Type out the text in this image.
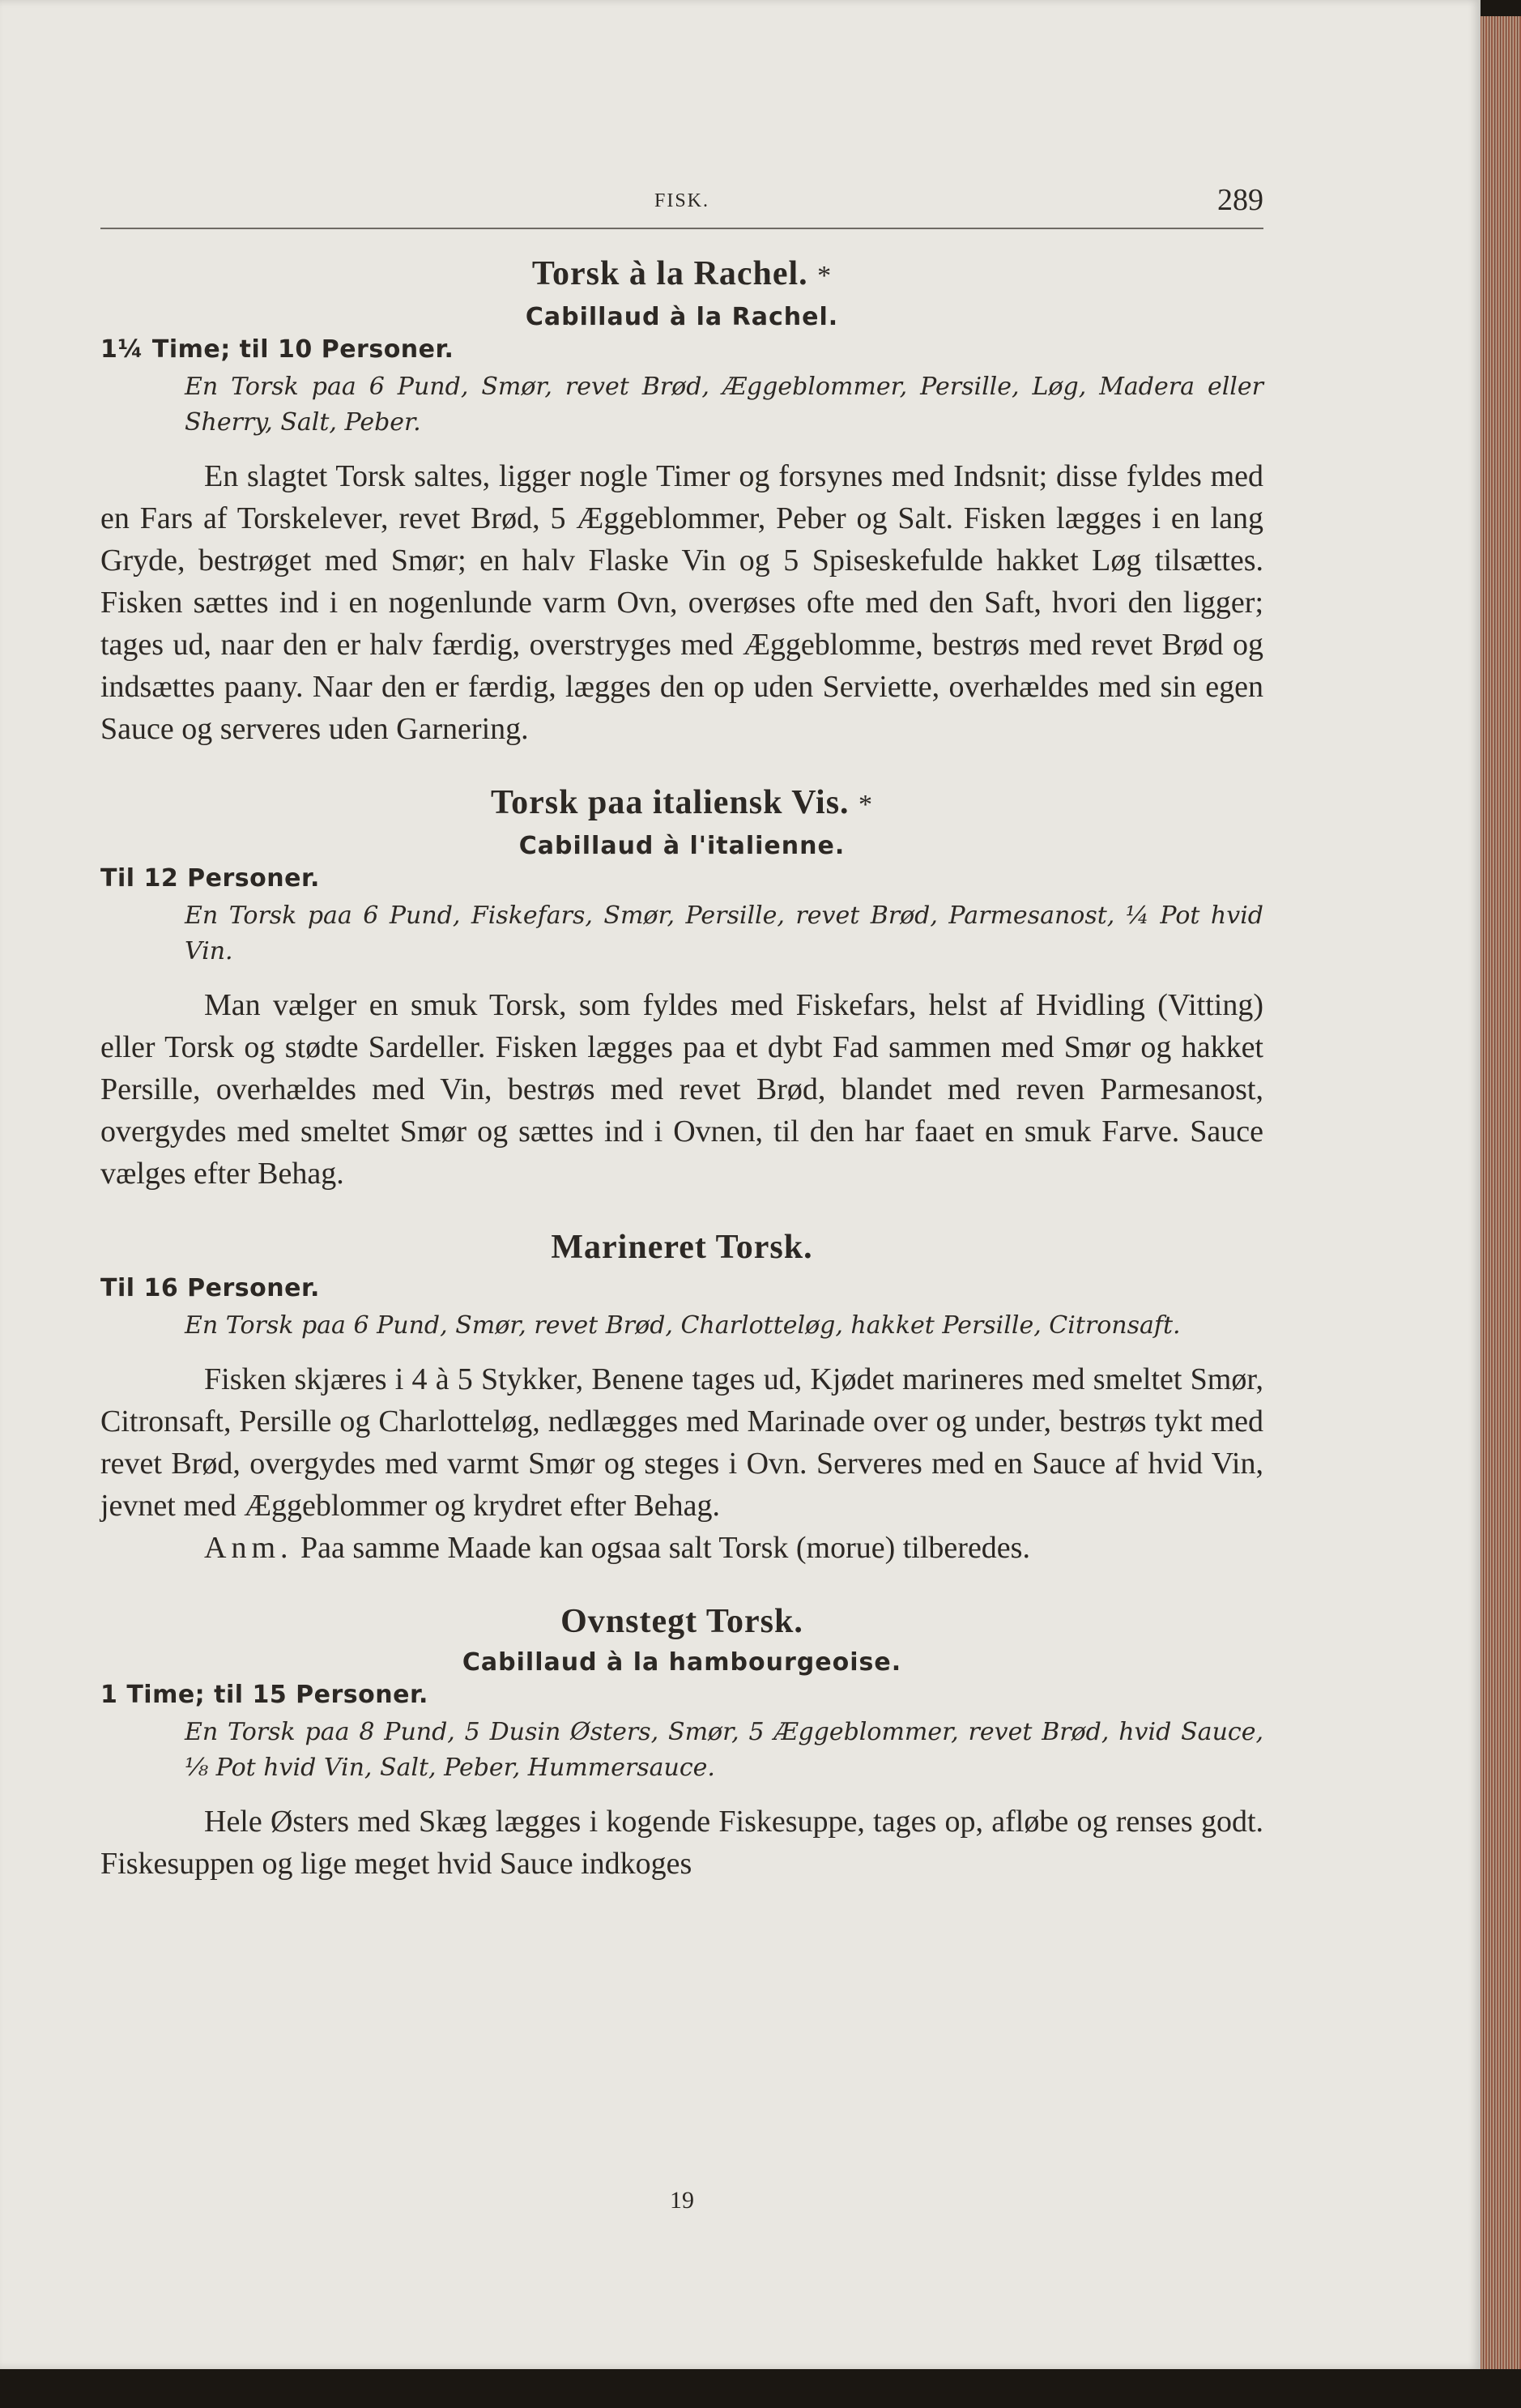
FISK.	289
Torsk à la Rachel. *

Cabillaud à la Rachel.

1¼ Time; til 10 Personer.

En Torsk paa 6 Pund, Smør, revet Brød, Æggeblommer, Persille, Løg, Madera eller Sherry, Salt, Peber.

En slagtet Torsk saltes, ligger nogle Timer og forsynes med Indsnit; disse fyldes med en Fars af Torskelever, revet Brød, 5 Æggeblommer, Peber og Salt. Fisken lægges i en lang Gryde, bestrøget med Smør; en halv Flaske Vin og 5 Spiseskefulde hakket Løg tilsættes. Fisken sættes ind i en nogenlunde varm Ovn, overøses ofte med den Saft, hvori den ligger; tages ud, naar den er halv færdig, overstryges med Æggeblomme, bestrøs med revet Brød og indsættes paany. Naar den er færdig, lægges den op uden Serviette, overhældes med sin egen Sauce og serveres uden Garnering.

Torsk paa italiensk Vis. *

Cabillaud à l'italienne.

Til 12 Personer.

En Torsk paa 6 Pund, Fiskefars, Smør, Persille, revet Brød, Parmesanost, ¼ Pot hvid Vin.

Man vælger en smuk Torsk, som fyldes med Fiskefars, helst af Hvidling (Vitting) eller Torsk og stødte Sardeller. Fisken lægges paa et dybt Fad sammen med Smør og hakket Persille, overhældes med Vin, bestrøs med revet Brød, blandet med reven Parmesanost, overgydes med smeltet Smør og sættes ind i Ovnen, til den har faaet en smuk Farve. Sauce vælges efter Behag.

Marineret Torsk.

Til 16 Personer.

En Torsk paa 6 Pund, Smør, revet Brød, Charlotteløg, hakket Persille, Citronsaft.

Fisken skjæres i 4 à 5 Stykker, Benene tages ud, Kjødet marineres med smeltet Smør, Citronsaft, Persille og Charlotteløg, nedlægges med Marinade over og under, bestrøs tykt med revet Brød, overgydes med varmt Smør og steges i Ovn. Serveres med en Sauce af hvid Vin, jevnet med Æggeblommer og krydret efter Behag.

Anm. Paa samme Maade kan ogsaa salt Torsk (morue) tilberedes.

Ovnstegt Torsk.

Cabillaud à la hambourgeoise.

1 Time; til 15 Personer.

En Torsk paa 8 Pund, 5 Dusin Østers, Smør, 5 Æggeblommer, revet Brød, hvid Sauce, ⅛ Pot hvid Vin, Salt, Peber, Hummersauce.

Hele Østers med Skæg lægges i kogende Fiskesuppe, tages op, afløbe og renses godt. Fiskesuppen og lige meget hvid Sauce indkoges

19
